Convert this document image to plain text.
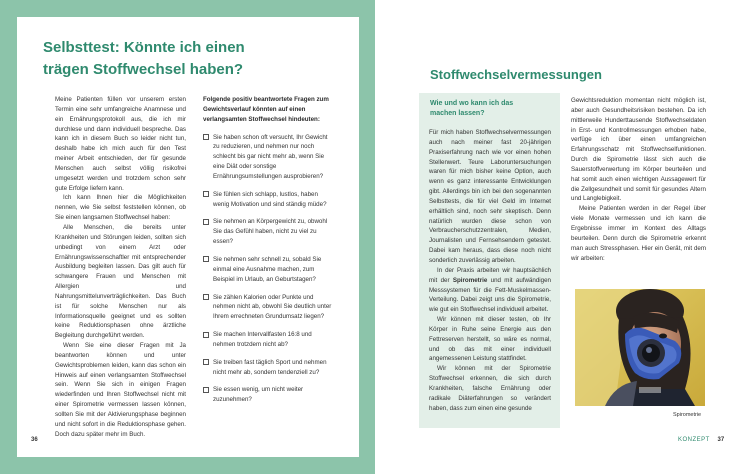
Selbsttest: Könnte ich einen
trägen Stoffwechsel haben?

Meine Patienten füllen vor unserem ersten Termin eine sehr umfangreiche Anamnese und ein Ernährungsprotokoll aus, die ich mir durchlese und dann individuell bespreche. Das kann ich in diesem Buch so leider nicht tun, deshalb habe ich mich auch für den Test meiner Arbeit entschieden, der für gesunde Menschen auch selbst völlig risikofrei umgesetzt werden und trotzdem schon sehr gute Erfolge liefern kann.

Ich kann Ihnen hier die Möglichkeiten nennen, wie Sie selbst feststellen können, ob Sie einen langsamen Stoffwechsel haben:

Alle Menschen, die bereits unter Krankheiten und Störungen leiden, sollten sich unbedingt von einem Arzt oder Ernährungswissenschaftler mit entsprechender Ausbildung begleiten lassen. Das gilt auch für schwangere Frauen und Menschen mit Allergien und Nahrungsmittelunverträglichkeiten. Das Buch ist für solche Menschen nur als Informationsquelle geeignet und es sollten keine Reduktionsphasen ohne ärztliche Begleitung durchgeführt werden.

Wenn Sie eine dieser Fragen mit Ja beantworten können und unter Gewichtsproblemen leiden, kann das schon ein Hinweis auf einen verlangsamten Stoffwechsel sein. Wenn Sie sich in einigen Fragen wiederfinden und Ihren Stoffwechsel nicht mit einer Spirometrie vermessen lassen können, sollten Sie mit der Aktivierungsphase beginnen und nicht sofort in die Reduktionsphase gehen. Doch dazu später mehr im Buch.

Folgende positiv beantwortete Fragen zum Gewichtsverlauf könnten auf einen verlangsamten Stoffwechsel hindeuten:
Sie haben schon oft versucht, Ihr Gewicht zu reduzieren, und nehmen nur noch schlecht bis gar nicht mehr ab, wenn Sie eine Diät oder sonstige Ernährungsumstellungen ausprobieren?
Sie fühlen sich schlapp, lustlos, haben wenig Motivation und sind ständig müde?
Sie nehmen an Körpergewicht zu, obwohl Sie das Gefühl haben, nicht zu viel zu essen?
Sie nehmen sehr schnell zu, sobald Sie einmal eine Ausnahme machen, zum Beispiel im Urlaub, an Geburtstagen?
Sie zählen Kalorien oder Punkte und nehmen nicht ab, obwohl Sie deutlich unter Ihrem errechneten Grundumsatz liegen?
Sie machen Intervallfasten 16:8 und nehmen trotzdem nicht ab?
Sie treiben fast täglich Sport und nehmen nicht mehr ab, sondern tendenziell zu?
Sie essen wenig, um nicht weiter zuzunehmen?
36
Stoffwechselvermessungen
Wie und wo kann ich das
machen lassen?

Für mich haben Stoffwechselvermessungen auch nach meiner fast 20-jährigen Praxiserfahrung nach wie vor einen hohen Stellenwert. Teure Laboruntersuchungen waren für mich bisher keine Option, auch wenn es ganz interessante Entwicklungen gibt. Allerdings bin ich bei den sogenannten Selbsttests, die für viel Geld im Internet erhältlich sind, noch sehr skeptisch. Denn natürlich wurden diese schon von Verbraucherschutzzentralen, Medien, Journalisten und Fernsehsendern getestet. Dabei kam heraus, dass diese noch nicht sonderlich zuverlässig arbeiten.

In der Praxis arbeiten wir hauptsächlich mit der Spirometrie und mit aufwändigen Messsystemen für die Fett-Muskelmassen-Verteilung. Dabei zeigt uns die Spirometrie, wie gut ein Stoffwechsel individuell arbeitet.

Wir können mit dieser testen, ob Ihr Körper in Ruhe seine Energie aus den Fettreserven herstellt, so wäre es normal, und ob das mit einer individuell angemessenen Leistung stattfindet.

Wir können mit der Spirometrie Stoffwechsel erkennen, die sich durch Krankheiten, falsche Ernährung oder radikale Diäterfahrungen so verändert haben, dass zum einen eine gesunde

Gewichtsreduktion momentan nicht möglich ist, aber auch Gesundheitsrisiken bestehen. Da ich mittlerweile Hunderttausende Stoffwechseldaten in Erst- und Kontrollmessungen erhoben habe, verfüge ich über einen umfangreichen Erfahrungsschatz mit Stoffwechselfunktionen. Durch die Spirometrie lässt sich auch die Sauerstoffverwertung im Körper beurteilen und hat somit auch einen wichtigen Aussagewert für die Zellgesundheit und somit für gesundes Altern und Langlebigkeit.

Meine Patienten werden in der Regel über viele Monate vermessen und ich kann die Ergebnisse immer im Kontext des Alltags beurteilen. Denn durch die Spirometrie erkennt man auch Stressphasen. Hier ein Gerät, mit dem wir arbeiten:

Spirometrie
KONZEPT 37
